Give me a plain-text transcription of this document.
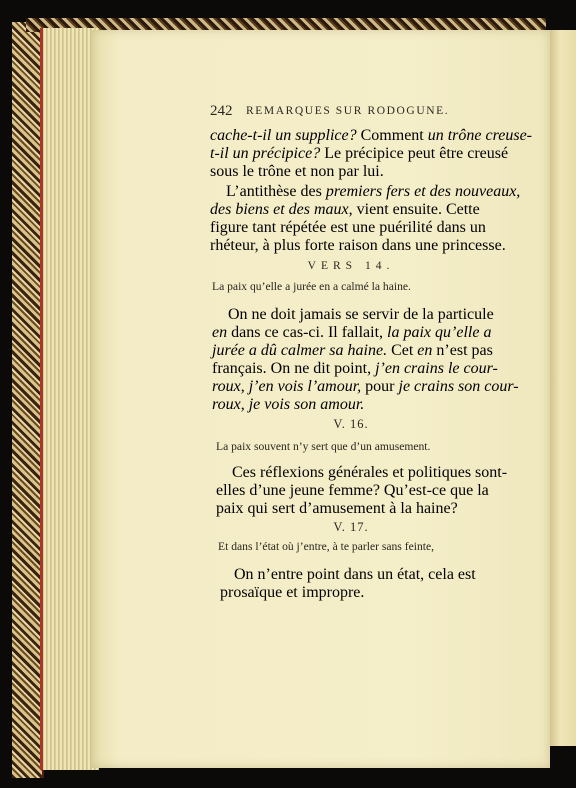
242 REMARQUES SUR RODOGUNE.
cache-t-il un supplice? Comment un trône creuse-
t-il un précipice? Le précipice peut être creusé
sous le trône et non par lui.
L’antithèse des premiers fers et des nouveaux,
des biens et des maux, vient ensuite. Cette
figure tant répétée est une puérilité dans un
rhéteur, à plus forte raison dans une princesse.
VERS 14.
La paix qu’elle a jurée en a calmé la haine.
On ne doit jamais se servir de la particule
en dans ce cas-ci. Il fallait, la paix qu’elle a
jurée a dû calmer sa haine. Cet en n’est pas
français. On ne dit point, j’en crains le cour-
roux, j’en vois l’amour, pour je crains son cour-
roux, je vois son amour.
V. 16.
La paix souvent n’y sert que d’un amusement.
Ces réflexions générales et politiques sont-
elles d’une jeune femme? Qu’est-ce que la
paix qui sert d’amusement à la haine?
V. 17.
Et dans l’état où j’entre, à te parler sans feinte,
On n’entre point dans un état, cela est
prosaïque et impropre.
